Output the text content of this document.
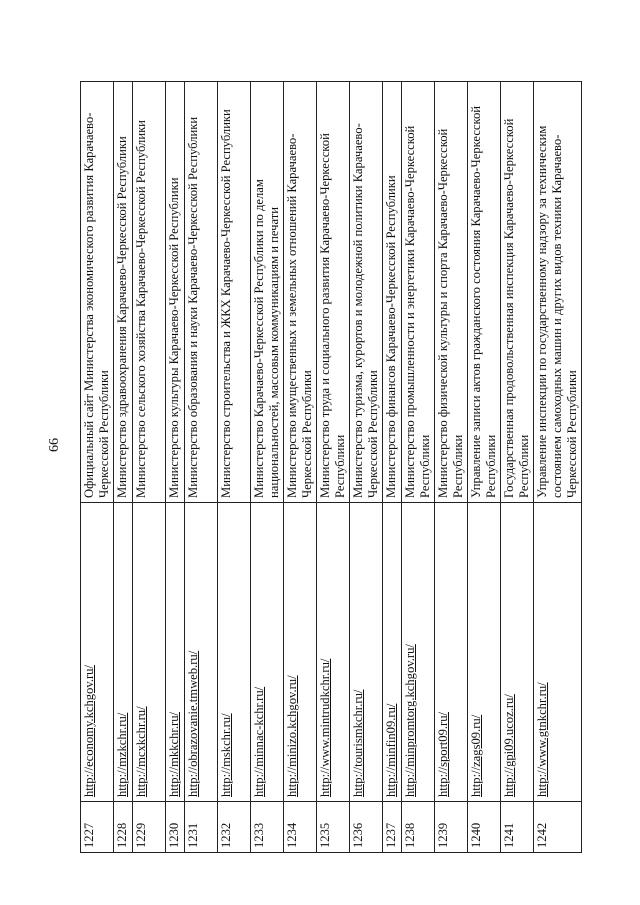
66
1227	http://economy.kchgov.ru/	Официальный сайт Министерства экономического развития Карачаево-Черкесской Республики
1228	http://mzkchr.ru/	Министерство здравоохранения Карачаево-Черкесской Республики
1229	http://mcxkchr.ru/	Министерство сельского хозяйства Карачаево-Черкесской Республики
1230	http://mkkchr.ru/	Министерство культуры Карачаево-Черкесской Республики
1231	http://obrazovanie.tmweb.ru/	Министерство образования и науки Карачаево-Черкесской Республики
1232	http://mskchr.ru/	Министерство строительства и ЖКХ Карачаево-Черкесской Республики
1233	http://minnac-kchr.ru/	Министерство Карачаево-Черкесской Республики по делам национальностей, массовым коммуникациям и печати
1234	http://minizo.kchgov.ru/	Министерство имущественных и земельных отношений Карачаево-Черкесской Республики
1235	http://www.mintrudkchr.ru/	Министерство труда и социального развития Карачаево-Черкесской Республики
1236	http://tourismkchr.ru/	Министерство туризма, курортов и молодежной политики Карачаево-Черкесской Республики
1237	http://minfin09.ru/	Министерство финансов Карачаево-Черкесской Республики
1238	http://minpromtorg.kchgov.ru/	Министерство промышленности и энергетики Карачаево-Черкесской Республики
1239	http://sport09.ru/	Министерство физической культуры и спорта Карачаево-Черкесской Республики
1240	http://zags09.ru/	Управление записи актов гражданского состояния Карачаево-Черкесской Республики
1241	http://gpi09.ucoz.ru/	Государственная продовольственная инспекция Карачаево-Черкесской Республики
1242	http://www.gtnkchr.ru/	Управление инспекции по государственному надзору за техническим состоянием самоходных машин и других видов техники Карачаево-Черкесской Республики
